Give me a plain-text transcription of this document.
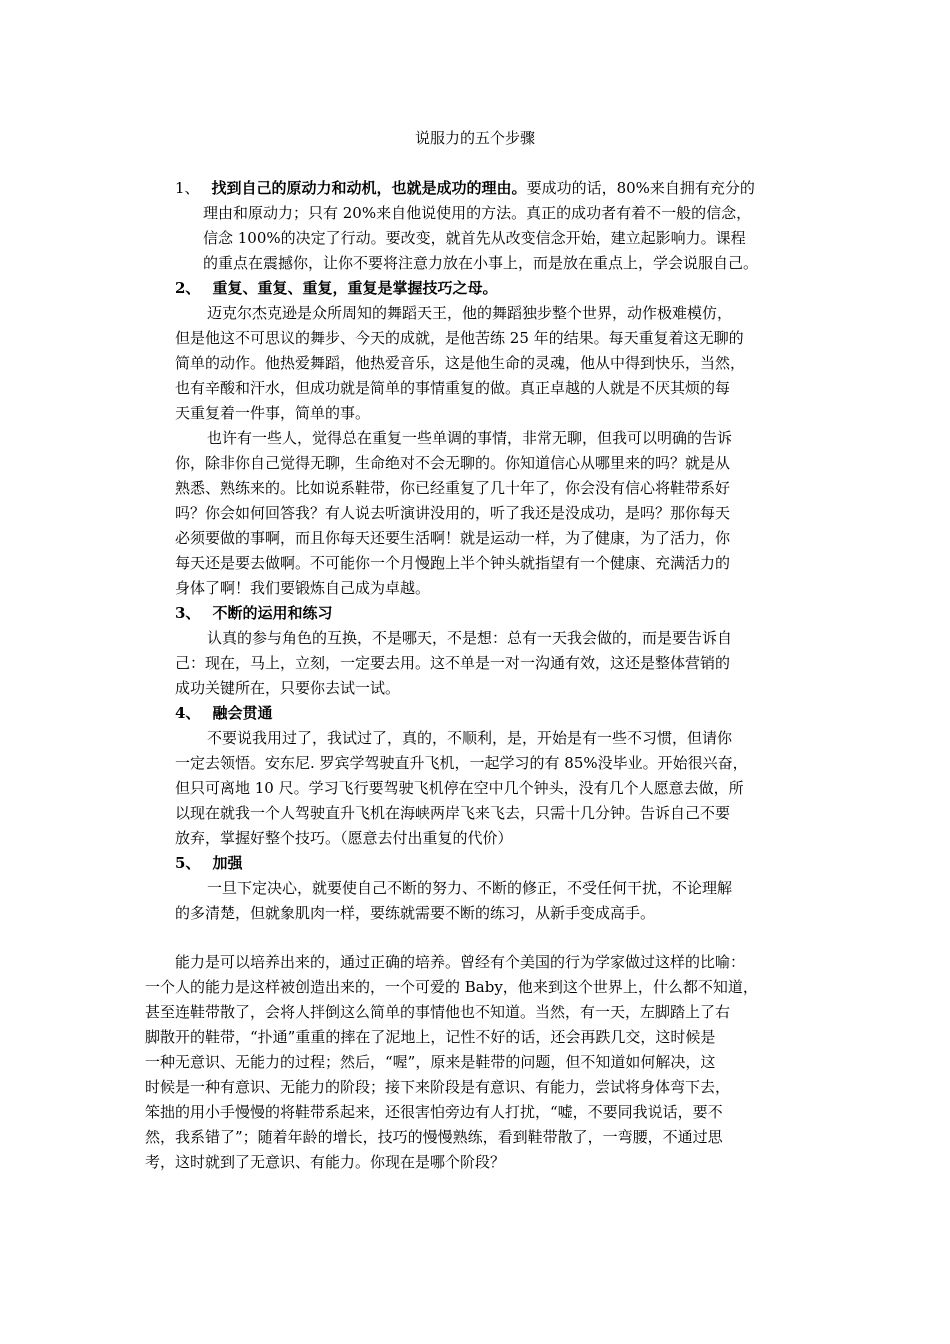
说服力的五个步骤
1、 找到自己的原动力和动机，也就是成功的理由。要成功的话，80%来自拥有充分的
理由和原动力；只有 20%来自他说使用的方法。真正的成功者有着不一般的信念，
信念 100%的决定了行动。要改变，就首先从改变信念开始，建立起影响力。课程
的重点在震撼你，让你不要将注意力放在小事上，而是放在重点上，学会说服自己。
2、 重复、重复、重复，重复是掌握技巧之母。
迈克尔杰克逊是众所周知的舞蹈天王，他的舞蹈独步整个世界，动作极难模仿，
但是他这不可思议的舞步、今天的成就，是他苦练 25 年的结果。每天重复着这无聊的
简单的动作。他热爱舞蹈，他热爱音乐，这是他生命的灵魂，他从中得到快乐，当然，
也有辛酸和汗水，但成功就是简单的事情重复的做。真正卓越的人就是不厌其烦的每
天重复着一件事，简单的事。
也许有一些人，觉得总在重复一些单调的事情，非常无聊，但我可以明确的告诉
你，除非你自己觉得无聊，生命绝对不会无聊的。你知道信心从哪里来的吗？就是从
熟悉、熟练来的。比如说系鞋带，你已经重复了几十年了，你会没有信心将鞋带系好
吗？你会如何回答我？有人说去听演讲没用的，听了我还是没成功，是吗？那你每天
必须要做的事啊，而且你每天还要生活啊！就是运动一样，为了健康，为了活力，你
每天还是要去做啊。不可能你一个月慢跑上半个钟头就指望有一个健康、充满活力的
身体了啊！我们要锻炼自己成为卓越。
3、 不断的运用和练习
认真的参与角色的互换，不是哪天，不是想：总有一天我会做的，而是要告诉自
己：现在，马上，立刻，一定要去用。这不单是一对一沟通有效，这还是整体营销的
成功关键所在，只要你去试一试。
4、 融会贯通
不要说我用过了，我试过了，真的，不顺利，是，开始是有一些不习惯，但请你
一定去领悟。安东尼. 罗宾学驾驶直升飞机，一起学习的有 85%没毕业。开始很兴奋，
但只可离地 10 尺。学习飞行要驾驶飞机停在空中几个钟头，没有几个人愿意去做，所
以现在就我一个人驾驶直升飞机在海峡两岸飞来飞去，只需十几分钟。告诉自己不要
放弃，掌握好整个技巧。（愿意去付出重复的代价）
5、 加强
一旦下定决心，就要使自己不断的努力、不断的修正，不受任何干扰，不论理解
的多清楚，但就象肌肉一样，要练就需要不断的练习，从新手变成高手。
能力是可以培养出来的，通过正确的培养。曾经有个美国的行为学家做过这样的比喻：
一个人的能力是这样被创造出来的，一个可爱的 Baby，他来到这个世界上，什么都不知道，
甚至连鞋带散了，会将人拌倒这么简单的事情他也不知道。当然，有一天，左脚踏上了右
脚散开的鞋带，“扑通”重重的摔在了泥地上，记性不好的话，还会再跌几交，这时候是
一种无意识、无能力的过程；然后，“喔”，原来是鞋带的问题，但不知道如何解决，这
时候是一种有意识、无能力的阶段；接下来阶段是有意识、有能力，尝试将身体弯下去，
笨拙的用小手慢慢的将鞋带系起来，还很害怕旁边有人打扰，“嘘，不要同我说话，要不
然，我系错了”；随着年龄的增长，技巧的慢慢熟练，看到鞋带散了，一弯腰，不通过思
考，这时就到了无意识、有能力。你现在是哪个阶段？
